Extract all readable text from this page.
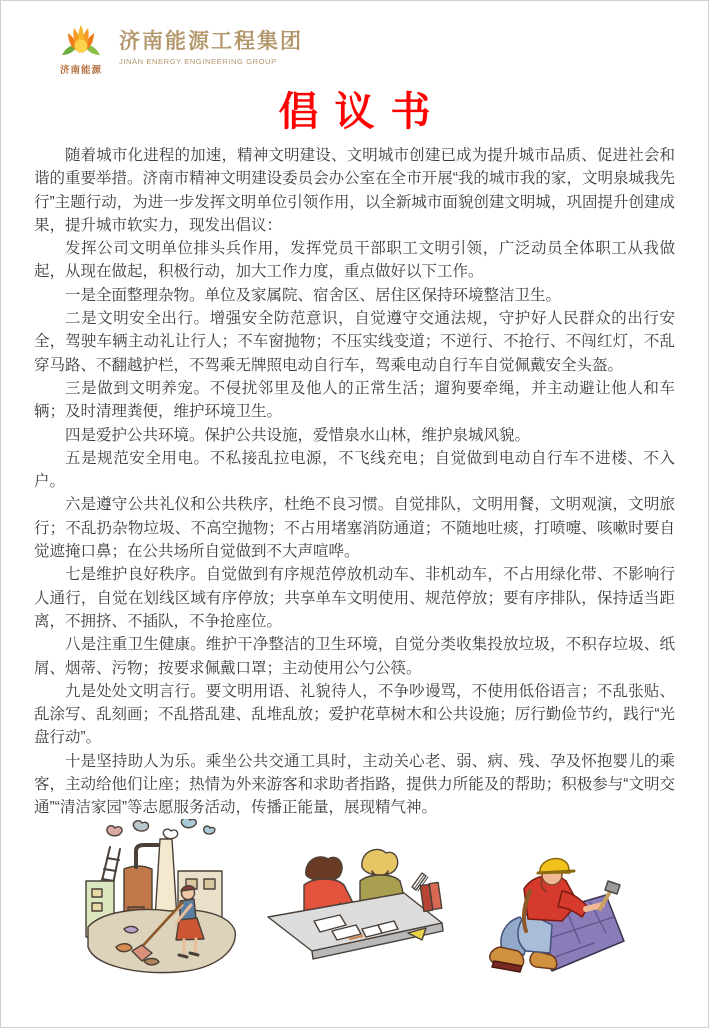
济南能源
济南能源工程集团
JINAN ENERGY ENGINEERING GROUP
倡议书

随着城市化进程的加速，精神文明建设、文明城市创建已成为提升城市品质、促进社会和谐的重要举措。济南市精神文明建设委员会办公室在全市开展“我的城市我的家，文明泉城我先行”主题行动，为进一步发挥文明单位引领作用，以全新城市面貌创建文明城，巩固提升创建成果，提升城市软实力，现发出倡议：

发挥公司文明单位排头兵作用，发挥党员干部职工文明引领，广泛动员全体职工从我做起，从现在做起，积极行动，加大工作力度，重点做好以下工作。

一是全面整理杂物。单位及家属院、宿舍区、居住区保持环境整洁卫生。

二是文明安全出行。增强安全防范意识，自觉遵守交通法规，守护好人民群众的出行安全，驾驶车辆主动礼让行人；不车窗抛物；不压实线变道；不逆行、不抢行、不闯红灯，不乱穿马路、不翻越护栏，不驾乘无牌照电动自行车，驾乘电动自行车自觉佩戴安全头盔。

三是做到文明养宠。不侵扰邻里及他人的正常生活；遛狗要牵绳，并主动避让他人和车辆；及时清理粪便，维护环境卫生。

四是爱护公共环境。保护公共设施，爱惜泉水山林，维护泉城风貌。

五是规范安全用电。不私接乱拉电源，不飞线充电；自觉做到电动自行车不进楼、不入户。

六是遵守公共礼仪和公共秩序，杜绝不良习惯。自觉排队，文明用餐，文明观演，文明旅行；不乱扔杂物垃圾、不高空抛物；不占用堵塞消防通道；不随地吐痰，打喷嚏、咳嗽时要自觉遮掩口鼻；在公共场所自觉做到不大声喧哗。

七是维护良好秩序。自觉做到有序规范停放机动车、非机动车，不占用绿化带、不影响行人通行，自觉在划线区域有序停放；共享单车文明使用、规范停放；要有序排队，保持适当距离，不拥挤、不插队，不争抢座位。

八是注重卫生健康。维护干净整洁的卫生环境，自觉分类收集投放垃圾，不积存垃圾、纸屑、烟蒂、污物；按要求佩戴口罩；主动使用公勺公筷。

九是处处文明言行。要文明用语、礼貌待人，不争吵谩骂，不使用低俗语言；不乱张贴、乱涂写、乱刻画；不乱搭乱建、乱堆乱放；爱护花草树木和公共设施；厉行勤俭节约，践行“光盘行动”。

十是坚持助人为乐。乘坐公共交通工具时，主动关心老、弱、病、残、孕及怀抱婴儿的乘客，主动给他们让座；热情为外来游客和求助者指路，提供力所能及的帮助；积极参与“文明交通”“清洁家园”等志愿服务活动，传播正能量，展现精气神。
